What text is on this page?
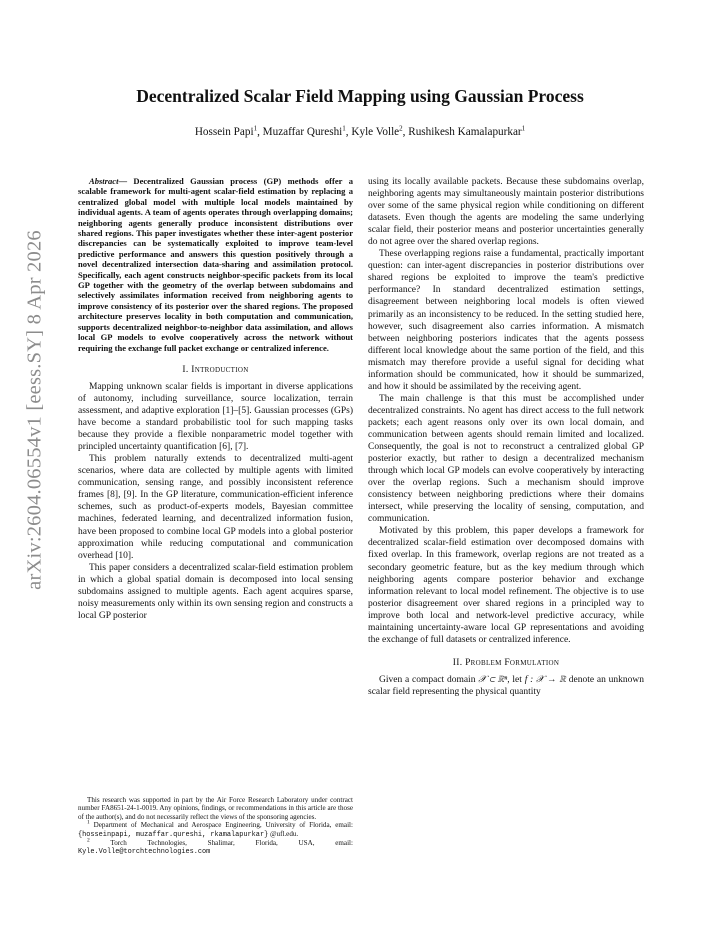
arXiv:2604.06554v1 [eess.SY] 8 Apr 2026
Decentralized Scalar Field Mapping using Gaussian Process

Hossein Papi$^1$, Muzaffar Qureshi$^1$, Kyle Volle$^2$, Rushikesh Kamalapurkar$^1$

Abstract— Decentralized Gaussian process (GP) methods offer a scalable framework for multi-agent scalar-field estimation by replacing a centralized global model with multiple local models maintained by individual agents. A team of agents operates through overlapping domains; neighboring agents generally produce inconsistent distributions over shared regions. This paper investigates whether these inter-agent posterior discrepancies can be systematically exploited to improve team-level predictive performance and answers this question positively through a novel decentralized intersection data-sharing and assimilation protocol. Specifically, each agent constructs neighbor-specific packets from its local GP together with the geometry of the overlap between subdomains and selectively assimilates information received from neighboring agents to improve consistency of its posterior over the shared regions. The proposed architecture preserves locality in both computation and communication, supports decentralized neighbor-to-neighbor data assimilation, and allows local GP models to evolve cooperatively across the network without requiring the exchange full packet exchange or centralized inference.

I. Introduction

Mapping unknown scalar fields is important in diverse applications of autonomy, including surveillance, source localization, terrain assessment, and adaptive exploration [1]–[5]. Gaussian processes (GPs) have become a standard probabilistic tool for such mapping tasks because they provide a flexible nonparametric model together with principled uncertainty quantification [6], [7].

This problem naturally extends to decentralized multi-agent scenarios, where data are collected by multiple agents with limited communication, sensing range, and possibly inconsistent reference frames [8], [9]. In the GP literature, communication-efficient inference schemes, such as product-of-experts models, Bayesian committee machines, federated learning, and decentralized information fusion, have been proposed to combine local GP models into a global posterior approximation while reducing computational and communication overhead [10].

This paper considers a decentralized scalar-field estimation problem in which a global spatial domain is decomposed into local sensing subdomains assigned to multiple agents. Each agent acquires sparse, noisy measurements only within its own sensing region and constructs a local GP posterior

This research was supported in part by the Air Force Research Laboratory under contract number FA8651-24-1-0019. Any opinions, findings, or recommendations in this article are those of the author(s), and do not necessarily reflect the views of the sponsoring agencies.

$^1$ Department of Mechanical and Aerospace Engineering, University of Florida, email: {hosseinpapi, muzaffar.qureshi, rkamalapurkar} @ufl.edu.

$^2$	Torch Technologies, Shalimar, Florida, USA, email: Kyle.Volle@torchtechnologies.com

using its locally available packets. Because these subdomains overlap, neighboring agents may simultaneously maintain posterior distributions over some of the same physical region while conditioning on different datasets. Even though the agents are modeling the same underlying scalar field, their posterior means and posterior uncertainties generally do not agree over the shared overlap regions.

These overlapping regions raise a fundamental, practically important question: can inter-agent discrepancies in posterior distributions over shared regions be exploited to improve the team's predictive performance? In standard decentralized estimation settings, disagreement between neighboring local models is often viewed primarily as an inconsistency to be reduced. In the setting studied here, however, such disagreement also carries information. A mismatch between neighboring posteriors indicates that the agents possess different local knowledge about the same portion of the field, and this mismatch may therefore provide a useful signal for deciding what information should be communicated, how it should be summarized, and how it should be assimilated by the receiving agent.

The main challenge is that this must be accomplished under decentralized constraints. No agent has direct access to the full network packets; each agent reasons only over its own local domain, and communication between agents should remain limited and localized. Consequently, the goal is not to reconstruct a centralized global GP posterior exactly, but rather to design a decentralized mechanism through which local GP models can evolve cooperatively by interacting over the overlap regions. Such a mechanism should improve consistency between neighboring predictions where their domains intersect, while preserving the locality of sensing, computation, and communication.

Motivated by this problem, this paper develops a framework for decentralized scalar-field estimation over decomposed domains with fixed overlap. In this framework, overlap regions are not treated as a secondary geometric feature, but as the key medium through which neighboring agents compare posterior behavior and exchange information relevant to local model refinement. The objective is to use posterior disagreement over shared regions in a principled way to improve both local and network-level predictive accuracy, while maintaining uncertainty-aware local GP representations and avoiding the exchange of full datasets or centralized inference.

II. Problem Formulation

Given a compact domain 𝒳 ⊂ ℝⁿ, let f : 𝒳 → ℝ denote an unknown scalar field representing the physical quantity
